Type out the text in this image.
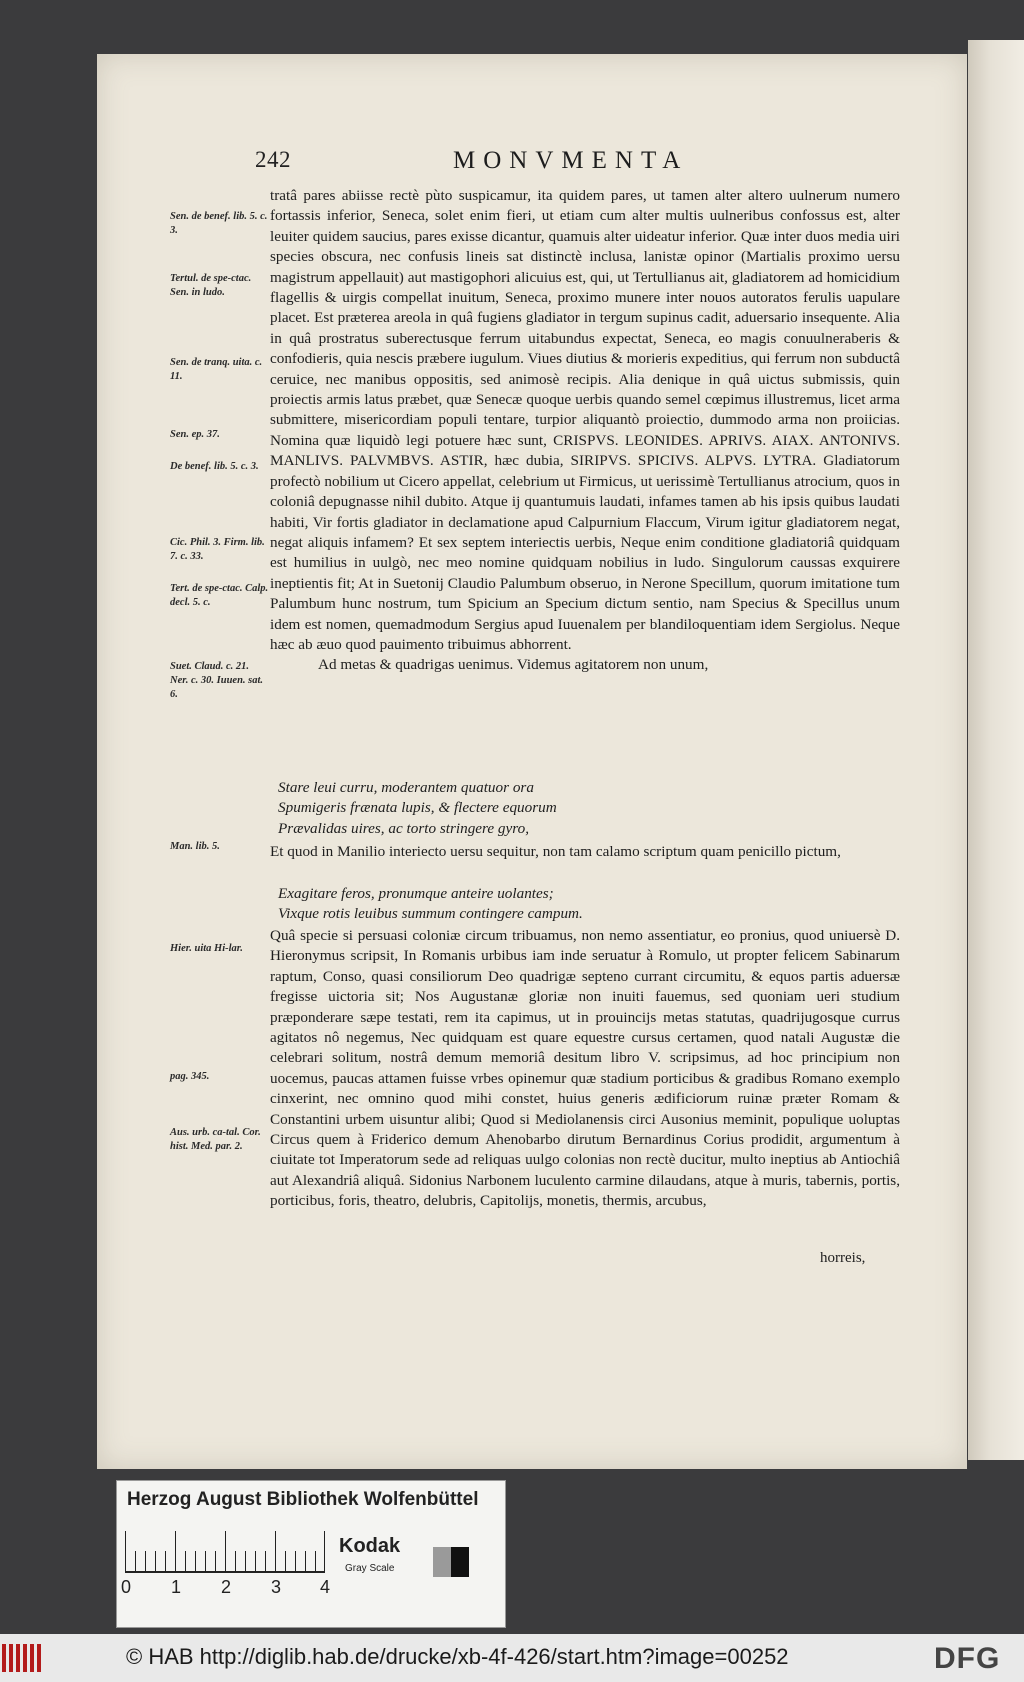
242	MONVMENTA
Sen. de benef. lib. 5. c. 3.
Tertul. de spe-ctac. Sen. in ludo.
Sen. de tranq. uita. c. 11.
Sen. ep. 37.
De benef. lib. 5. c. 3.
Cic. Phil. 3. Firm. lib. 7. c. 33.
Tert. de spe-ctac. Calp. decl. 5. c.
Suet. Claud. c. 21. Ner. c. 30. Iuuen. sat. 6.
Man. lib. 5.
Hier. uita Hi-lar.
pag. 345.
Aus. urb. ca-tal. Cor. hist. Med. par. 2.

tratâ pares abiisse rectè pùto suspicamur, ita quidem pares, ut tamen alter altero uulnerum numero fortassis inferior, Seneca, solet enim fieri, ut etiam cum alter multis uulneribus confossus est, alter leuiter quidem saucius, pares exisse dicantur, quamuis alter uideatur inferior. Quæ inter duos media uiri species obscura, nec confusis lineis sat distinctè inclusa, lanistæ opinor (Martialis proximo uersu magistrum appellauit) aut mastigophori alicuius est, qui, ut Tertullianus ait, gladiatorem ad homicidium flagellis & uirgis compellat inuitum, Seneca, proximo munere inter nouos autoratos ferulis uapulare placet. Est præterea areola in quâ fugiens gladiator in tergum supinus cadit, aduersario insequente. Alia in quâ prostratus suberectusque ferrum uitabundus expectat, Seneca, eo magis conuulneraberis & confodieris, quia nescis præbere iugulum. Viues diutius & morieris expeditius, qui ferrum non subductâ ceruice, nec manibus oppositis, sed animosè recipis. Alia denique in quâ uictus submissis, quin proiectis armis latus præbet, quæ Senecæ quoque uerbis quando semel cœpimus illustremus, licet arma submittere, misericordiam populi tentare, turpior aliquantò proiectio, dummodo arma non proiicias. Nomina quæ liquidò legi potuere hæc sunt, CRISPVS. LEONIDES. APRIVS. AIAX. ANTONIVS. MANLIVS. PALVMBVS. ASTIR, hæc dubia, SIRIPVS. SPICIVS. ALPVS. LYTRA. Gladiatorum profectò nobilium ut Cicero appellat, celebrium ut Firmicus, ut uerissimè Tertullianus atrocium, quos in coloniâ depugnasse nihil dubito. Atque ij quantumuis laudati, infames tamen ab his ipsis quibus laudati habiti, Vir fortis gladiator in declamatione apud Calpurnium Flaccum, Virum igitur gladiatorem negat, negat aliquis infamem? Et sex septem interiectis uerbis, Neque enim conditione gladiatoriâ quidquam est humilius in uulgò, nec meo nomine quidquam nobilius in ludo. Singulorum caussas exquirere ineptientis fit; At in Suetonij Claudio Palumbum obseruo, in Nerone Specillum, quorum imitatione tum Palumbum hunc nostrum, tum Spicium an Specium dictum sentio, nam Specius & Specillus unum idem est nomen, quemadmodum Sergius apud Iuuenalem per blandiloquentiam idem Sergiolus. Neque hæc ab æuo quod pauimento tribuimus abhorrent.

Ad metas & quadrigas uenimus. Videmus agitatorem non unum,

Stare leui curru, moderantem quatuor ora
Spumigeris frænata lupis, & flectere equorum
Prævalidas uires, ac torto stringere gyro,

Et quod in Manilio interiecto uersu sequitur, non tam calamo scriptum quam penicillo pictum,

Exagitare feros, pronumque anteire uolantes;
Vixque rotis leuibus summum contingere campum.

Quâ specie si persuasi coloniæ circum tribuamus, non nemo assentiatur, eo pronius, quod uniuersè D. Hieronymus scripsit, In Romanis urbibus iam inde seruatur à Romulo, ut propter felicem Sabinarum raptum, Conso, quasi consiliorum Deo quadrigæ septeno currant circumitu, & equos partis aduersæ fregisse uictoria sit; Nos Augustanæ gloriæ non inuiti fauemus, sed quoniam ueri studium præponderare sæpe testati, rem ita capimus, ut in prouincijs metas statutas, quadrijugosque currus agitatos nô negemus, Nec quidquam est quare equestre cursus certamen, quod natali Augustæ die celebrari solitum, nostrâ demum memoriâ desitum libro V. scripsimus, ad hoc principium non uocemus, paucas attamen fuisse vrbes opinemur quæ stadium porticibus & gradibus Romano exemplo cinxerint, nec omnino quod mihi constet, huius generis ædificiorum ruinæ præter Romam & Constantini urbem uisuntur alibi; Quod si Mediolanensis circi Ausonius meminit, populique uoluptas Circus quem à Friderico demum Ahenobarbo dirutum Bernardinus Corius prodidit, argumentum à ciuitate tot Imperatorum sede ad reliquas uulgo colonias non rectè ducitur, multo ineptius ab Antiochiâ aut Alexandriâ aliquâ. Sidonius Narbonem luculento carmine dilaudans, atque à muris, tabernis, portis, porticibus, foris, theatro, delubris, Capitolijs, monetis, thermis, arcubus,

horreis,
Herzog August Bibliothek Wolfenbüttel
0 1 2 3 4
Kodak
Gray Scale
© HAB http://diglib.hab.de/drucke/xb-4f-426/start.htm?image=00252	DFG
